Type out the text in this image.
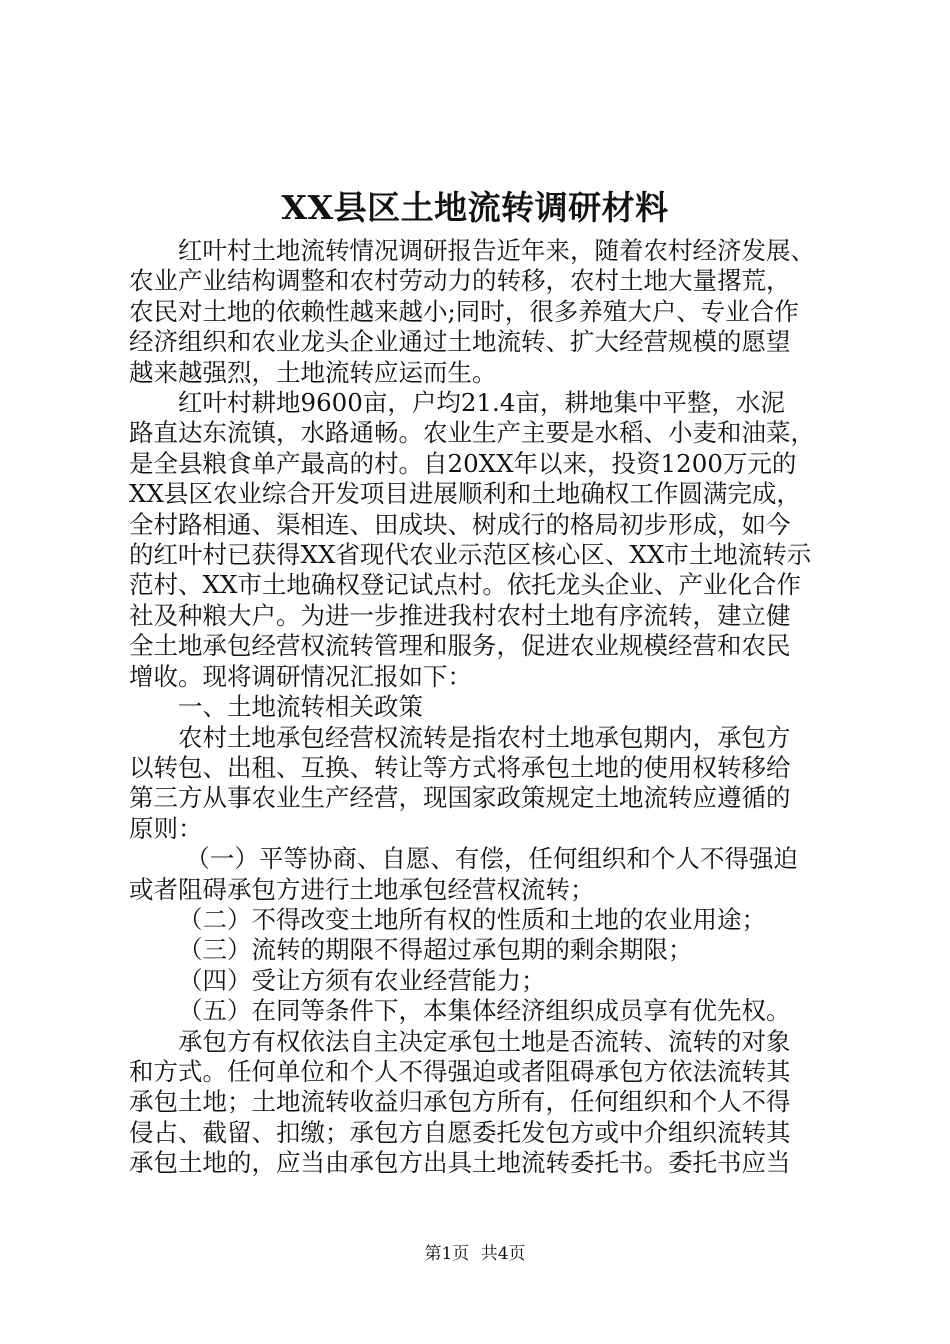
XX县区土地流转调研材料
红叶村土地流转情况调研报告近年来，随着农村经济发展、
农业产业结构调整和农村劳动力的转移，农村土地大量撂荒，
农民对土地的依赖性越来越小;同时，很多养殖大户、专业合作
经济组织和农业龙头企业通过土地流转、扩大经营规模的愿望
越来越强烈，土地流转应运而生。
红叶村耕地9600亩，户均21.4亩，耕地集中平整，水泥
路直达东流镇，水路通畅。农业生产主要是水稻、小麦和油菜，
是全县粮食单产最高的村。自20XX年以来，投资1200万元的
XX县区农业综合开发项目进展顺利和土地确权工作圆满完成，
全村路相通、渠相连、田成块、树成行的格局初步形成，如今
的红叶村已获得XX省现代农业示范区核心区、XX市土地流转示
范村、XX市土地确权登记试点村。依托龙头企业、产业化合作
社及种粮大户。为进一步推进我村农村土地有序流转，建立健
全土地承包经营权流转管理和服务，促进农业规模经营和农民
增收。现将调研情况汇报如下：
一、土地流转相关政策
农村土地承包经营权流转是指农村土地承包期内，承包方
以转包、出租、互换、转让等方式将承包土地的使用权转移给
第三方从事农业生产经营，现国家政策规定土地流转应遵循的
原则：
（一）平等协商、自愿、有偿，任何组织和个人不得强迫
或者阻碍承包方进行土地承包经营权流转；
（二）不得改变土地所有权的性质和土地的农业用途；
（三）流转的期限不得超过承包期的剩余期限；
（四）受让方须有农业经营能力；
（五）在同等条件下，本集体经济组织成员享有优先权。
承包方有权依法自主决定承包土地是否流转、流转的对象
和方式。任何单位和个人不得强迫或者阻碍承包方依法流转其
承包土地；土地流转收益归承包方所有，任何组织和个人不得
侵占、截留、扣缴；承包方自愿委托发包方或中介组织流转其
承包土地的，应当由承包方出具土地流转委托书。委托书应当
第1页 共4页
